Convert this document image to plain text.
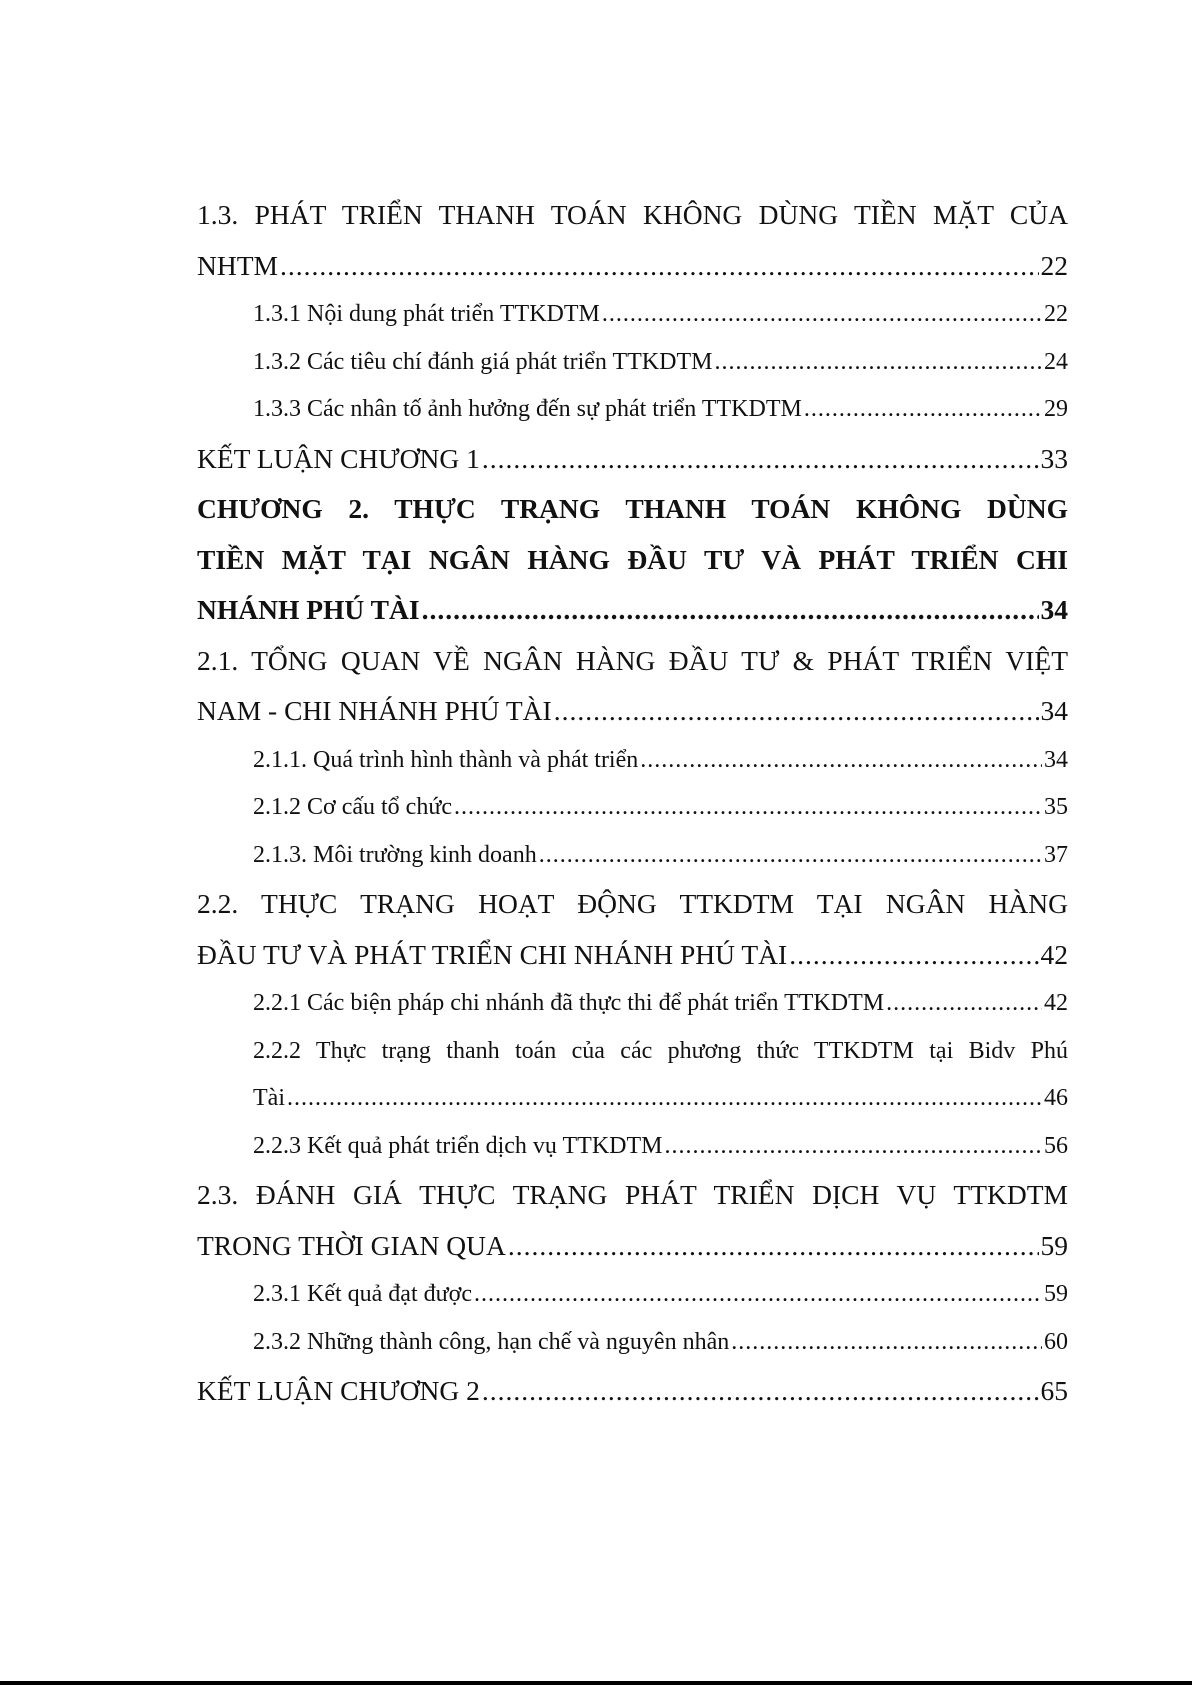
1.3. PHÁT TRIỂN THANH TOÁN KHÔNG DÙNG TIỀN MẶT CỦA
NHTM .....	22
1.3.1 Nội dung phát triển TTKDTM .....	22
1.3.2 Các tiêu chí đánh giá phát triển TTKDTM .....	24
1.3.3 Các nhân tố ảnh hưởng đến sự phát triển TTKDTM .....	29
KẾT LUẬN CHƯƠNG 1 .....	33
CHƯƠNG 2. THỰC TRẠNG THANH TOÁN KHÔNG DÙNG
TIỀN MẶT TẠI NGÂN HÀNG ĐẦU TƯ VÀ PHÁT TRIỂN CHI
NHÁNH PHÚ TÀI .....	34
2.1. TỔNG QUAN VỀ NGÂN HÀNG ĐẦU TƯ & PHÁT TRIỂN VIỆT
NAM - CHI NHÁNH PHÚ TÀI .....	34
2.1.1. Quá trình hình thành và phát triển .....	34
2.1.2 Cơ cấu tổ chức .....	35
2.1.3. Môi trường kinh doanh .....	37
2.2. THỰC TRẠNG HOẠT ĐỘNG TTKDTM TẠI NGÂN HÀNG
ĐẦU TƯ VÀ PHÁT TRIỂN CHI NHÁNH PHÚ TÀI .....	42
2.2.1 Các biện pháp chi nhánh đã thực thi để phát triển TTKDTM .....	42
2.2.2 Thực trạng thanh toán của các phương thức TTKDTM tại Bidv Phú
Tài .....	46
2.2.3 Kết quả phát triển dịch vụ TTKDTM .....	56
2.3. ĐÁNH GIÁ THỰC TRẠNG PHÁT TRIỂN DỊCH VỤ TTKDTM
TRONG THỜI GIAN QUA .....	59
2.3.1 Kết quả đạt được .....	59
2.3.2 Những thành công, hạn chế và nguyên nhân .....	60
KẾT LUẬN CHƯƠNG 2 .....	65
